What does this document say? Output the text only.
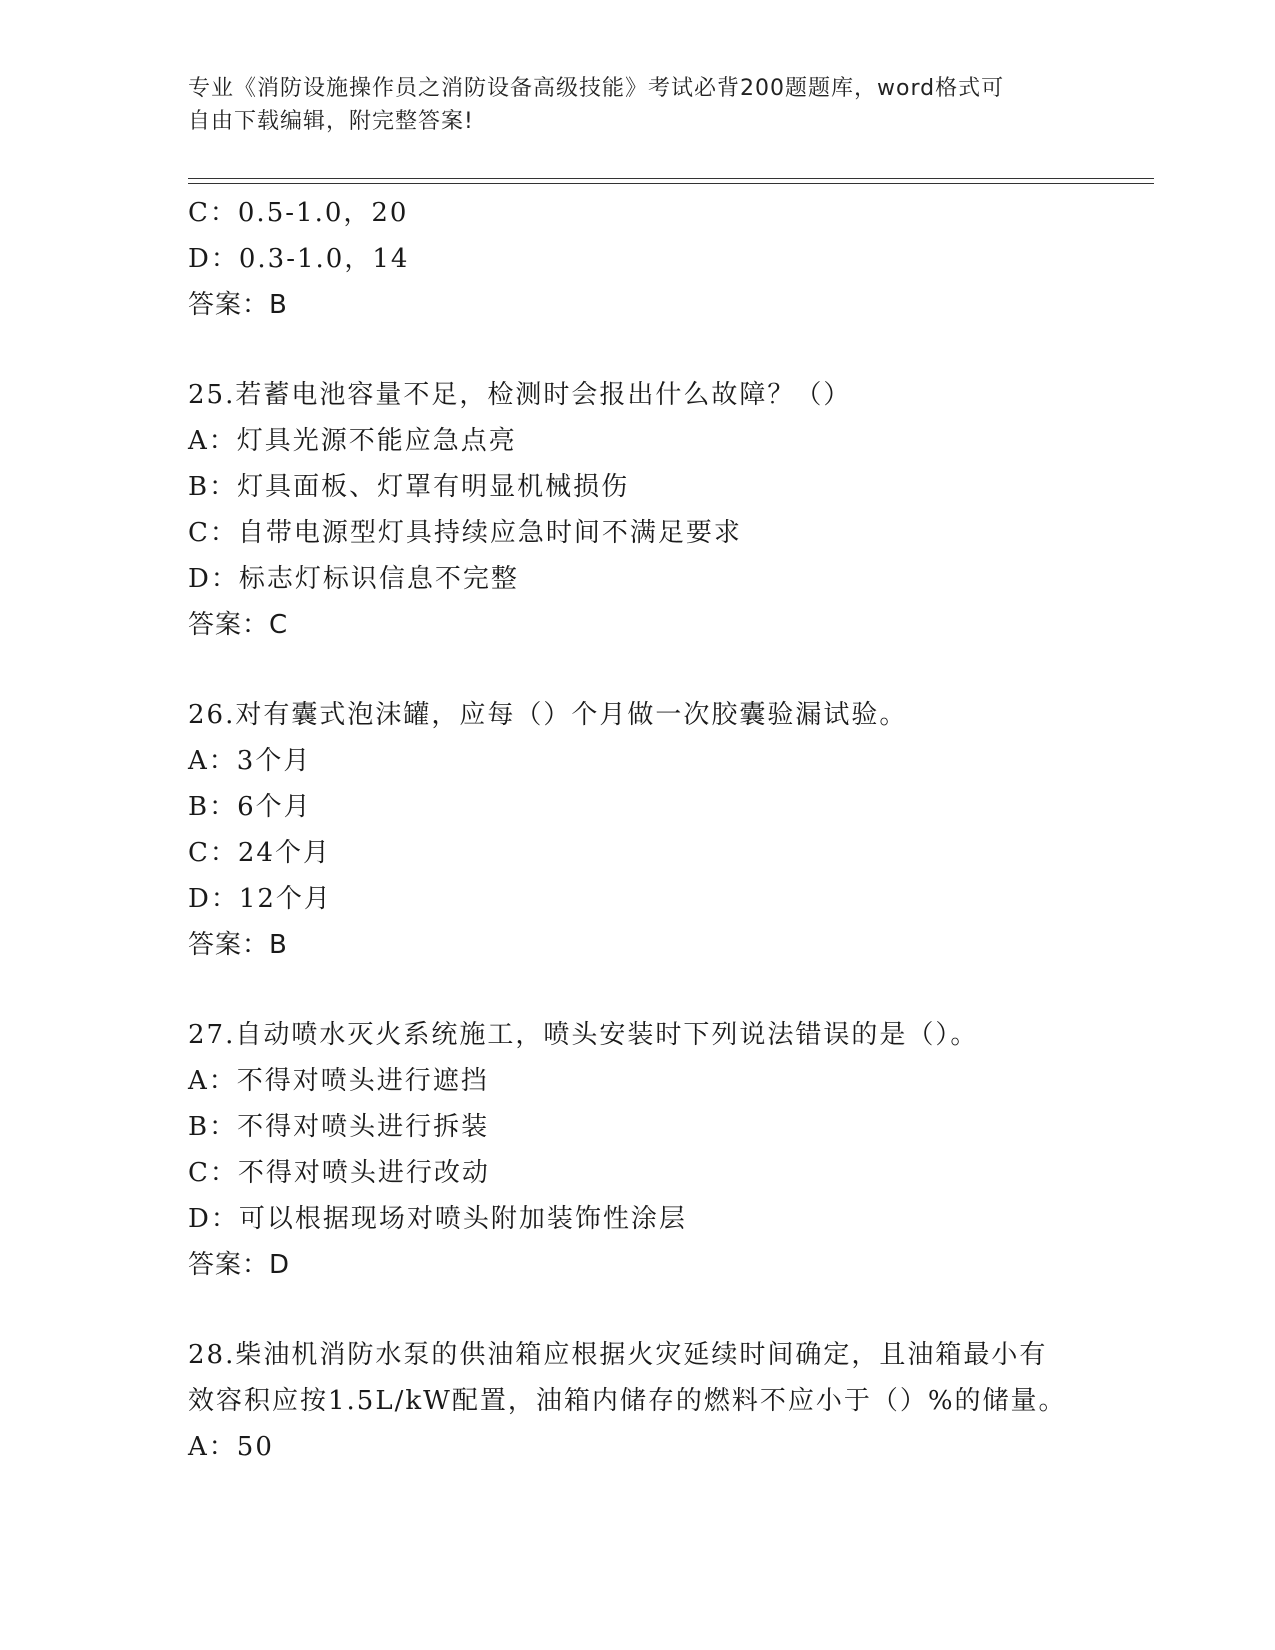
专业《消防设施操作员之消防设备高级技能》考试必背200题题库，word格式可
自由下载编辑，附完整答案!
C：0.5-1.0，20
D：0.3-1.0，14
答案：B
25.若蓄电池容量不足，检测时会报出什么故障？（）
A：灯具光源不能应急点亮
B：灯具面板、灯罩有明显机械损伤
C：自带电源型灯具持续应急时间不满足要求
D：标志灯标识信息不完整
答案：C
26.对有囊式泡沫罐，应每（）个月做一次胶囊验漏试验。
A：3个月
B：6个月
C：24个月
D：12个月
答案：B
27.自动喷水灭火系统施工，喷头安装时下列说法错误的是（）。
A：不得对喷头进行遮挡
B：不得对喷头进行拆装
C：不得对喷头进行改动
D：可以根据现场对喷头附加装饰性涂层
答案：D
28.柴油机消防水泵的供油箱应根据火灾延续时间确定，且油箱最小有
效容积应按1.5L/kW配置，油箱内储存的燃料不应小于（）%的储量。
A：50
